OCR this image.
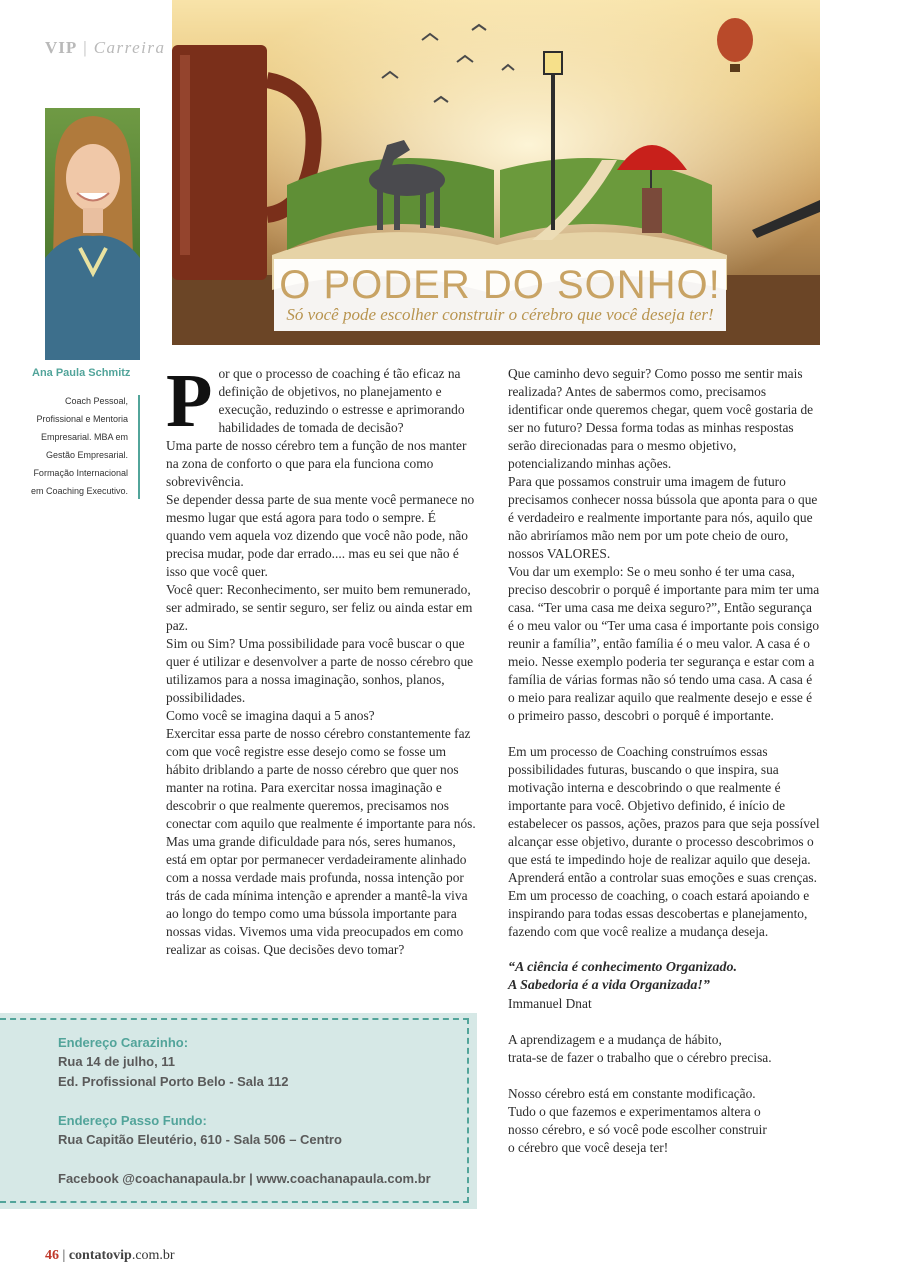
VIP | Carreira
O PODER DO SONHO!
Só você pode escolher construir o cérebro que você deseja ter!
Ana Paula Schmitz
Coach Pessoal,
Profissional e Mentoria
Empresarial. MBA em
Gestão Empresarial.
Formação Internacional
em Coaching Executivo.
P or que o processo de coaching é tão eficaz na definição de objetivos, no planejamento e execução, reduzindo o estresse e aprimorando habilidades de tomada de decisão?

Uma parte de nosso cérebro tem a função de nos manter na zona de conforto o que para ela funciona como sobrevivência.

Se depender dessa parte de sua mente você permanece no mesmo lugar que está agora para todo o sempre. É quando vem aquela voz dizendo que você não pode, não precisa mudar, pode dar errado.... mas eu sei que não é isso que você quer.

Você quer: Reconhecimento, ser muito bem remunerado, ser admirado, se sentir seguro, ser feliz ou ainda estar em paz.

Sim ou Sim? Uma possibilidade para você buscar o que quer é utilizar e desenvolver a parte de nosso cérebro que utilizamos para a nossa imaginação, sonhos, planos, possibilidades.

Como você se imagina daqui a 5 anos?

Exercitar essa parte de nosso cérebro constantemente faz com que você registre esse desejo como se fosse um hábito driblando a parte de nosso cérebro que quer nos manter na rotina. Para exercitar nossa imaginação e descobrir o que realmente queremos, precisamos nos conectar com aquilo que realmente é importante para nós. Mas uma grande dificuldade para nós, seres humanos, está em optar por permanecer verdadeiramente alinhado com a nossa verdade mais profunda, nossa intenção por trás de cada mínima intenção e aprender a mantê-la viva ao longo do tempo como uma bússola importante para nossas vidas. Vivemos uma vida preocupados em como realizar as coisas. Que decisões devo tomar?

Que caminho devo seguir? Como posso me sentir mais realizada? Antes de sabermos como, precisamos identificar onde queremos chegar, quem você gostaria de ser no futuro? Dessa forma todas as minhas respostas serão direcionadas para o mesmo objetivo, potencializando minhas ações.

Para que possamos construir uma imagem de futuro precisamos conhecer nossa bússola que aponta para o que é verdadeiro e realmente importante para nós, aquilo que não abriríamos mão nem por um pote cheio de ouro, nossos VALORES.

Vou dar um exemplo: Se o meu sonho é ter uma casa, preciso descobrir o porquê é importante para mim ter uma casa. “Ter uma casa me deixa seguro?”, Então segurança é o meu valor ou “Ter uma casa é importante pois consigo reunir a família”, então família é o meu valor. A casa é o meio. Nesse exemplo poderia ter segurança e estar com a família de várias formas não só tendo uma casa. A casa é o meio para realizar aquilo que realmente desejo e esse é o primeiro passo, descobri o porquê é importante.

Em um processo de Coaching construímos essas possibilidades futuras, buscando o que inspira, sua motivação interna e descobrindo o que realmente é importante para você. Objetivo definido, é início de estabelecer os passos, ações, prazos para que seja possível alcançar esse objetivo, durante o processo descobrimos o que está te impedindo hoje de realizar aquilo que deseja. Aprenderá então a controlar suas emoções e suas crenças.

Em um processo de coaching, o coach estará apoiando e inspirando para todas essas descobertas e planejamento, fazendo com que você realize a mudança deseja.

“A ciência é conhecimento Organizado.

A Sabedoria é a vida Organizada!”

Immanuel Dnat

A aprendizagem e a mudança de hábito,

trata-se de fazer o trabalho que o cérebro precisa.

Nosso cérebro está em constante modificação.

Tudo o que fazemos e experimentamos altera o

nosso cérebro, e só você pode escolher construir

o cérebro que você deseja ter!

Endereço Carazinho:
Rua 14 de julho, 11
Ed. Profissional Porto Belo - Sala 112
Endereço Passo Fundo:
Rua Capitão Eleutério, 610 - Sala 506 – Centro
Facebook @coachanapaula.br | www.coachanapaula.com.br
46 | contatovip.com.br
